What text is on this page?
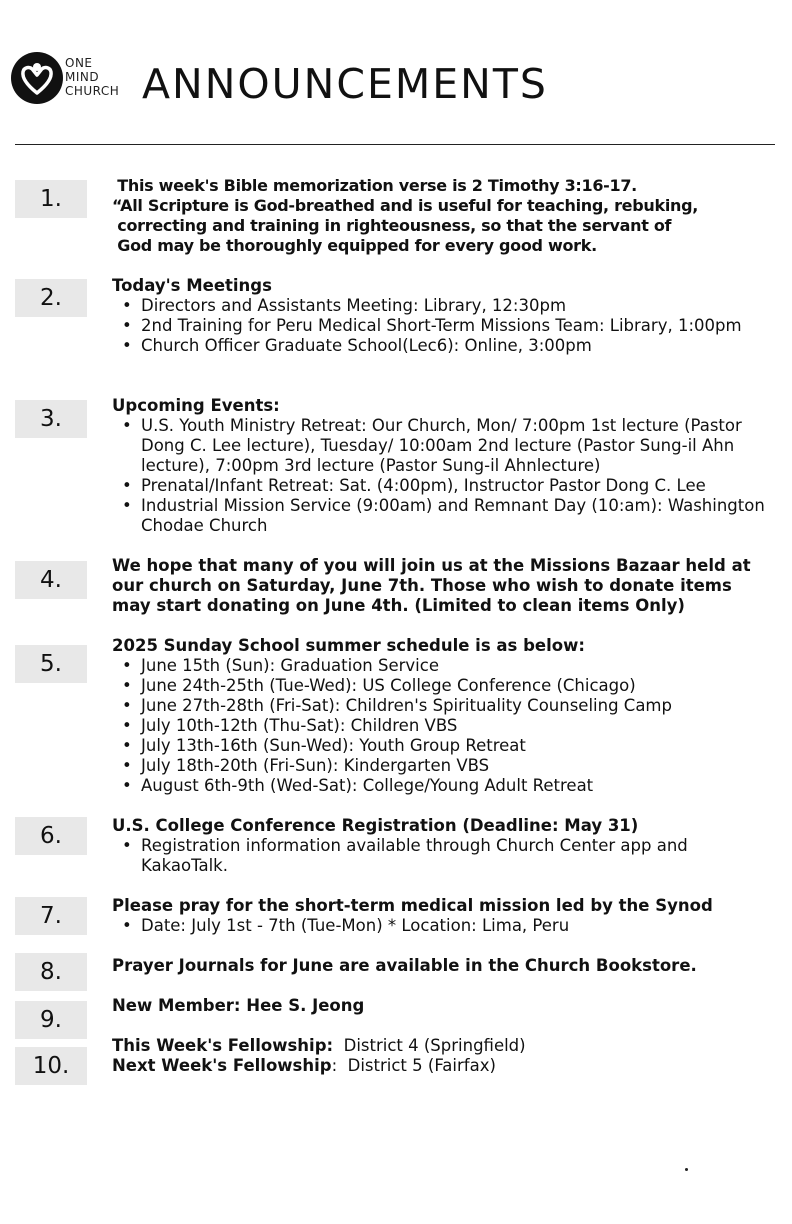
ONE
MIND
CHURCH ANNOUNCEMENTS
1.
This week's Bible memorization verse is 2 Timothy 3:16-17.
“All Scripture is God-breathed and is useful for teaching, rebuking,
correcting and training in righteousness, so that the servant of
God may be thoroughly equipped for every good work.
2.	Today's Meetings
• Directors and Assistants Meeting: Library, 12:30pm
• 2nd Training for Peru Medical Short-Term Missions Team: Library, 1:00pm
• Church Officer Graduate School(Lec6): Online, 3:00pm
3.
Upcoming Events:
• U.S. Youth Ministry Retreat: Our Church, Mon/ 7:00pm 1st lecture (Pastor Dong C. Lee lecture), Tuesday/ 10:00am 2nd lecture (Pastor Sung-il Ahn lecture), 7:00pm 3rd lecture (Pastor Sung-il Ahnlecture)
• Prenatal/Infant Retreat: Sat. (4:00pm), Instructor Pastor Dong C. Lee
• Industrial Mission Service (9:00am) and Remnant Day (10:am): Washington Chodae Church
4.
We hope that many of you will join us at the Missions Bazaar held at our church on Saturday, June 7th. Those who wish to donate items may start donating on June 4th. (Limited to clean items Only)
5.
2025 Sunday School summer schedule is as below:
• June 15th (Sun): Graduation Service
• June 24th-25th (Tue-Wed): US College Conference (Chicago)
• June 27th-28th (Fri-Sat): Children's Spirituality Counseling Camp
• July 10th-12th (Thu-Sat): Children VBS
• July 13th-16th (Sun-Wed): Youth Group Retreat
• July 18th-20th (Fri-Sun): Kindergarten VBS
• August 6th-9th (Wed-Sat): College/Young Adult Retreat
6.	U.S. College Conference Registration (Deadline: May 31)
• Registration information available through Church Center app and KakaoTalk.
7.	Please pray for the short-term medical mission led by the Synod
• Date: July 1st - 7th (Tue-Mon) * Location: Lima, Peru
8.	Prayer Journals for June are available in the Church Bookstore.
9.
New Member: Hee S. Jeong
10.
This Week's Fellowship:  District 4 (Springfield)
Next Week's Fellowship:  District 5 (Fairfax)
